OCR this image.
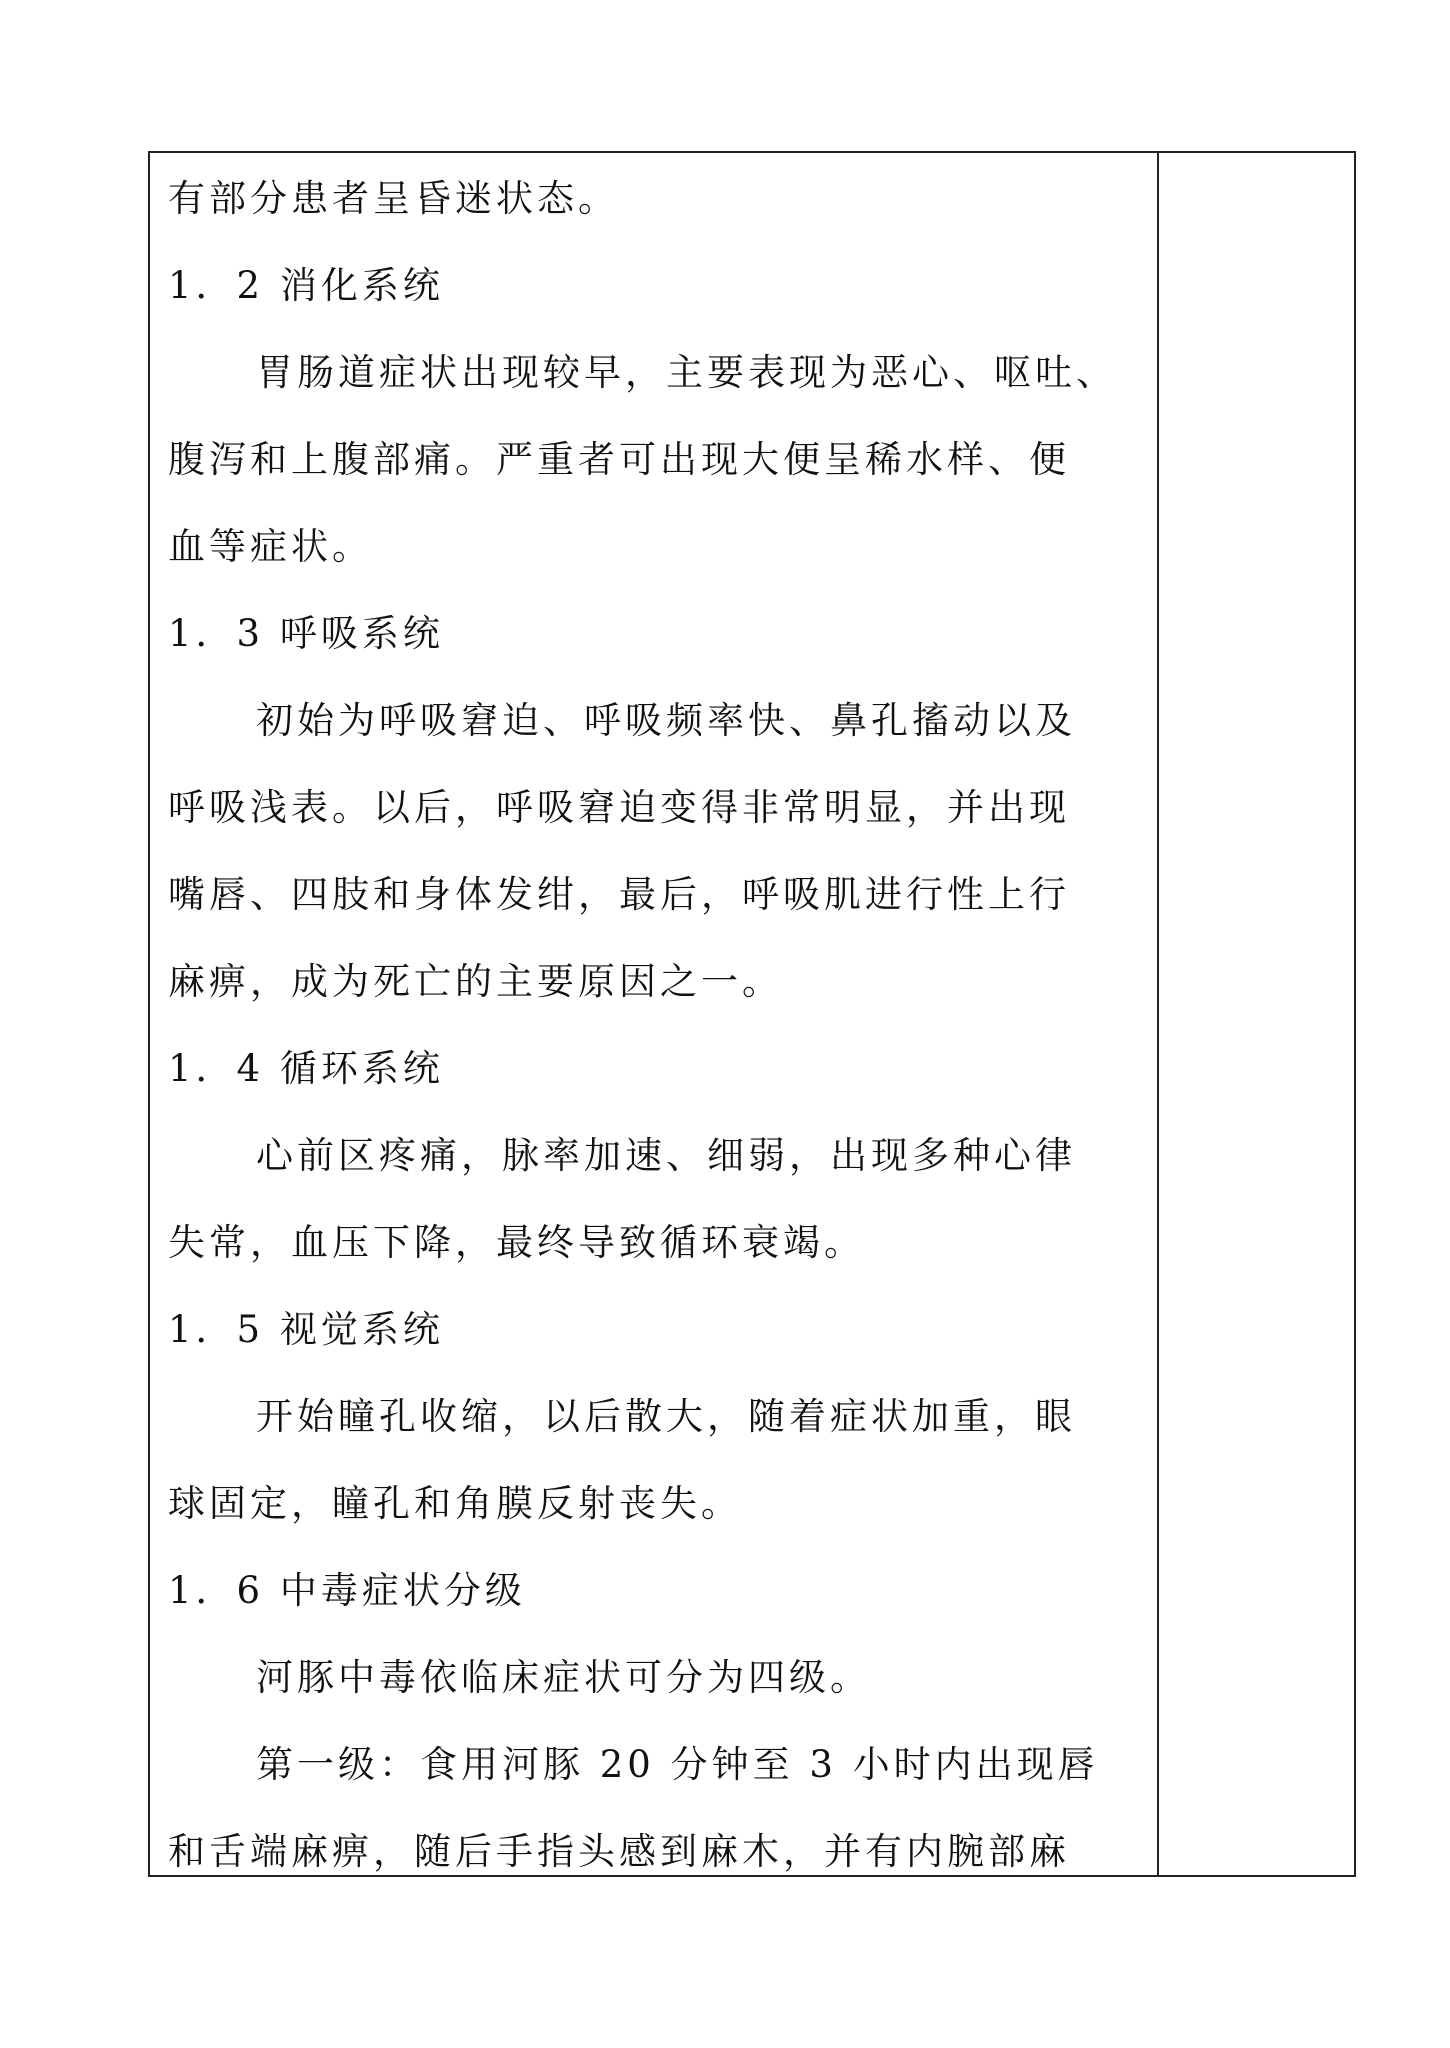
有部分患者呈昏迷状态。
1．2 消化系统
胃肠道症状出现较早，主要表现为恶心、呕吐、
腹泻和上腹部痛。严重者可出现大便呈稀水样、便
血等症状。
1．3 呼吸系统
初始为呼吸窘迫、呼吸频率快、鼻孔搐动以及
呼吸浅表。以后，呼吸窘迫变得非常明显，并出现
嘴唇、四肢和身体发绀，最后，呼吸肌进行性上行
麻痹，成为死亡的主要原因之一。
1．4 循环系统
心前区疼痛，脉率加速、细弱，出现多种心律
失常，血压下降，最终导致循环衰竭。
1．5 视觉系统
开始瞳孔收缩，以后散大，随着症状加重，眼
球固定，瞳孔和角膜反射丧失。
1．6 中毒症状分级
河豚中毒依临床症状可分为四级。
第一级：食用河豚 20 分钟至 3 小时内出现唇
和舌端麻痹，随后手指头感到麻木，并有内腕部麻
